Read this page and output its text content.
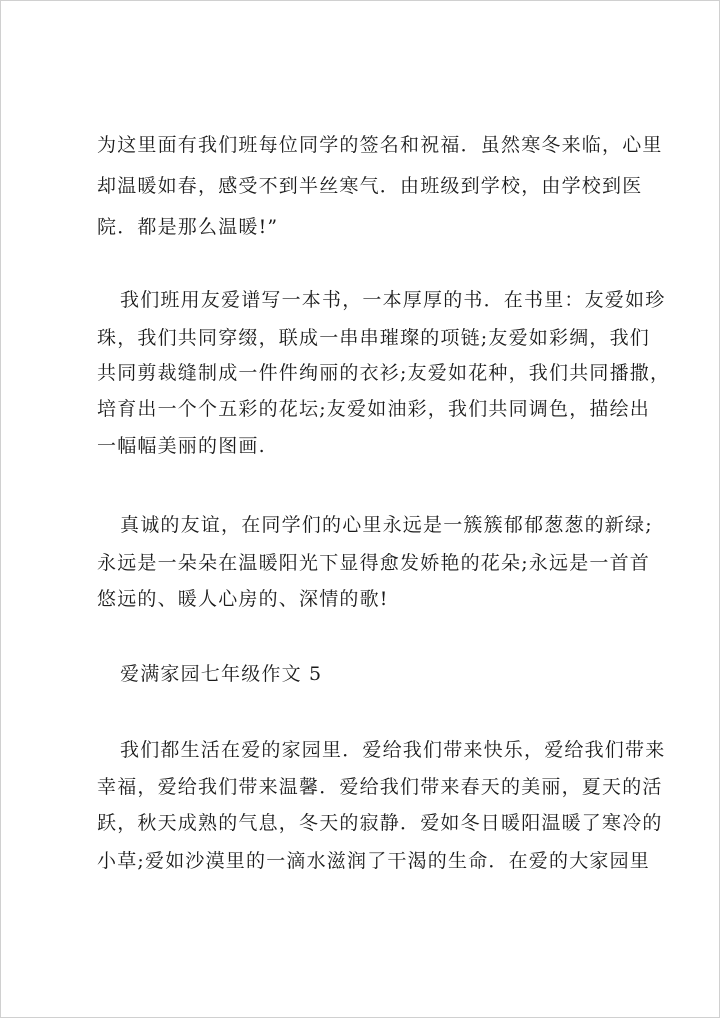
为这里面有我们班每位同学的签名和祝福．虽然寒冬来临，心里
却温暖如春，感受不到半丝寒气．由班级到学校，由学校到医
院．都是那么温暖!”
我们班用友爱谱写一本书，一本厚厚的书．在书里：友爱如珍
珠，我们共同穿缀，联成一串串璀璨的项链;友爱如彩绸，我们
共同剪裁缝制成一件件绚丽的衣衫;友爱如花种，我们共同播撒，
培育出一个个五彩的花坛;友爱如油彩，我们共同调色，描绘出
一幅幅美丽的图画.
真诚的友谊，在同学们的心里永远是一簇簇郁郁葱葱的新绿;
永远是一朵朵在温暖阳光下显得愈发娇艳的花朵;永远是一首首
悠远的、暖人心房的、深情的歌!
爱满家园七年级作文 5
我们都生活在爱的家园里．爱给我们带来快乐，爱给我们带来
幸福，爱给我们带来温馨．爱给我们带来春天的美丽，夏天的活
跃，秋天成熟的气息，冬天的寂静．爱如冬日暖阳温暖了寒冷的
小草;爱如沙漠里的一滴水滋润了干渴的生命．在爱的大家园里
